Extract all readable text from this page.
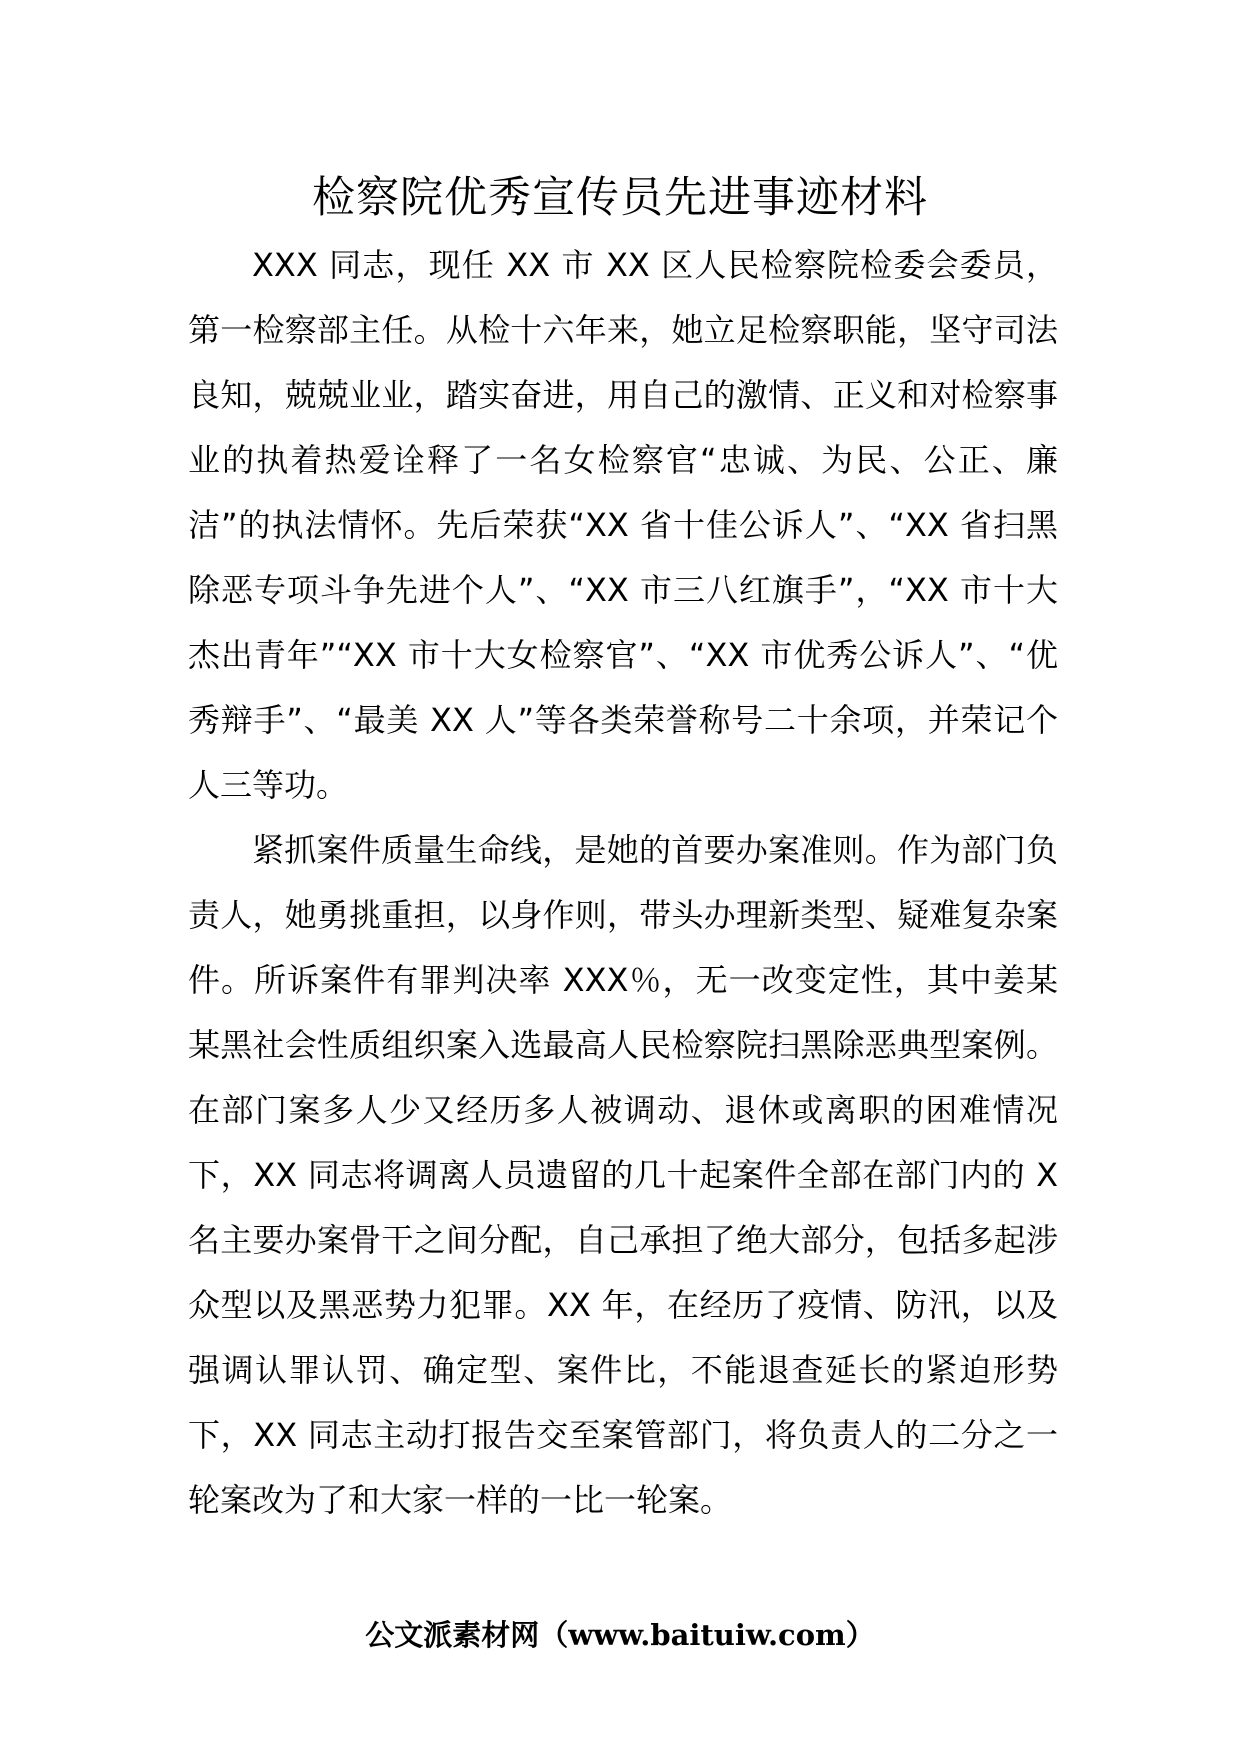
检察院优秀宣传员先进事迹材料

XXX 同志，现任 XX 市 XX 区人民检察院检委会委员，第一检察部主任。从检十六年来，她立足检察职能，坚守司法良知，兢兢业业，踏实奋进，用自己的激情、正义和对检察事业的执着热爱诠释了一名女检察官“忠诚、为民、公正、廉洁”的执法情怀。先后荣获“XX 省十佳公诉人”、“XX 省扫黑除恶专项斗争先进个人”、“XX 市三八红旗手”，“XX 市十大杰出青年”“XX 市十大女检察官”、“XX 市优秀公诉人”、“优秀辩手”、“最美 XX 人”等各类荣誉称号二十余项，并荣记个人三等功。

紧抓案件质量生命线，是她的首要办案准则。作为部门负责人，她勇挑重担，以身作则，带头办理新类型、疑难复杂案件。所诉案件有罪判决率 XXX％，无一改变定性，其中姜某某黑社会性质组织案入选最高人民检察院扫黑除恶典型案例。在部门案多人少又经历多人被调动、退休或离职的困难情况下，XX 同志将调离人员遗留的几十起案件全部在部门内的 X 名主要办案骨干之间分配，自己承担了绝大部分，包括多起涉众型以及黑恶势力犯罪。XX 年，在经历了疫情、防汛，以及强调认罪认罚、确定型、案件比，不能退查延长的紧迫形势下，XX 同志主动打报告交至案管部门，将负责人的二分之一轮案改为了和大家一样的一比一轮案。

公文派素材网（www.baituiw.com）
